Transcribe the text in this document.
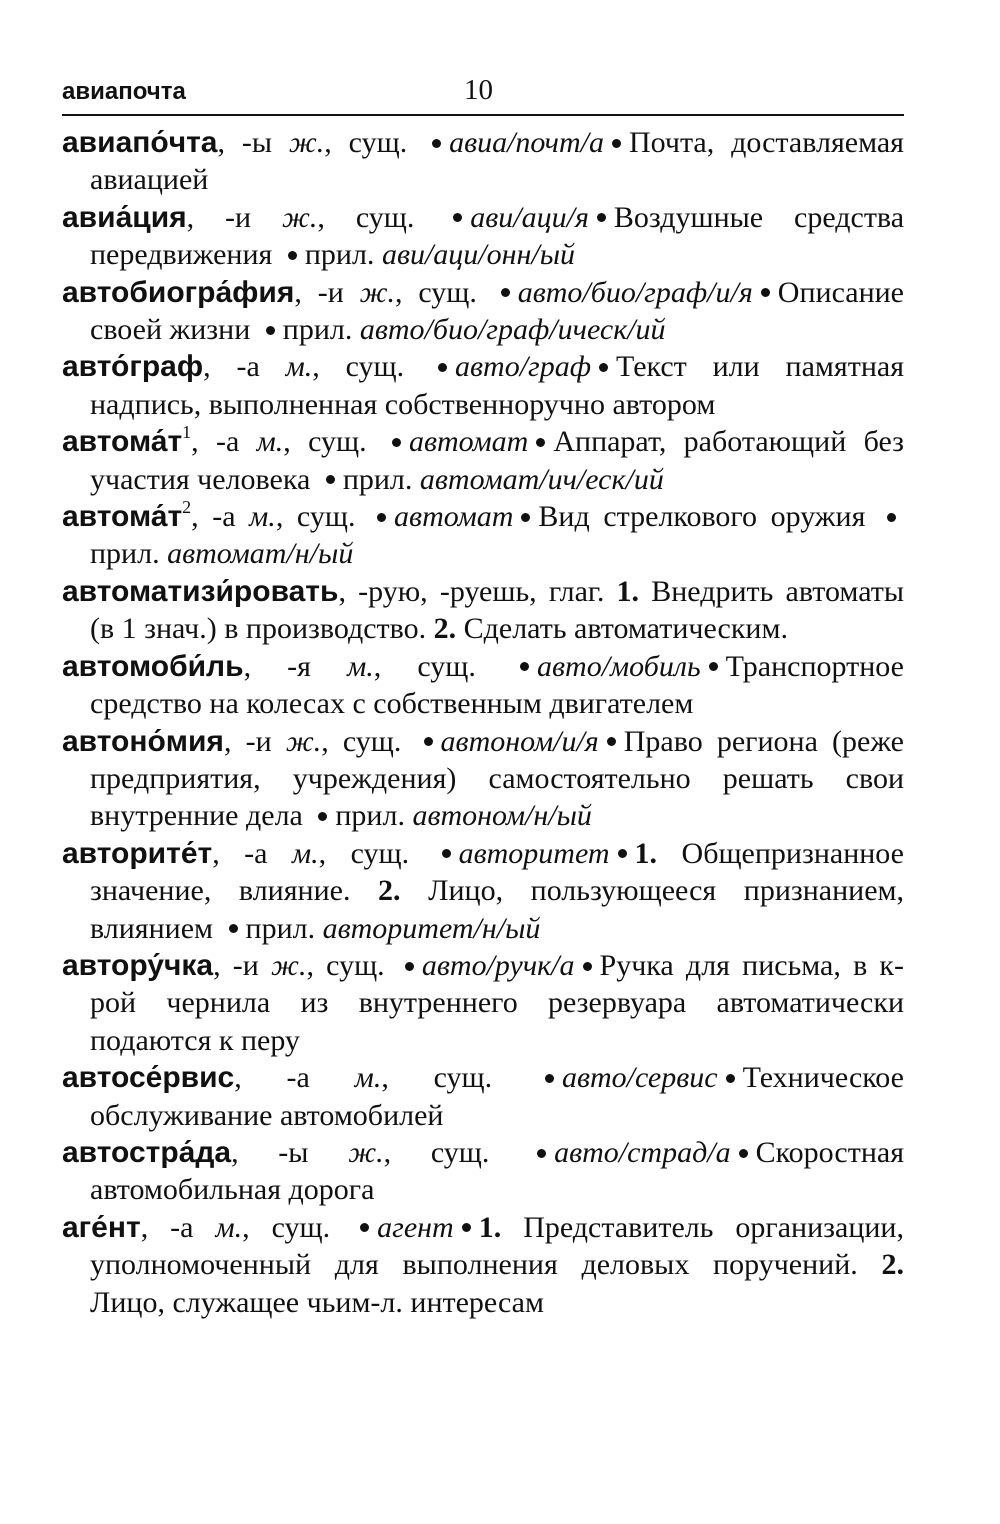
авиапочта	10

авиапо́чта, -ы ж., сущ. авиа/почт/а Почта, доставляемая авиацией

авиа́ция, -и ж., сущ. ави/аци/я Воздушные средства передвижения прил. ави/аци/онн/ый

автобиогра́фия, -и ж., сущ. авто/био/граф/и/я Описание своей жизни прил. авто/био/граф/ическ/ий

авто́граф, -а м., сущ. авто/граф Текст или памятная надпись, выполненная собственноручно автором

$автома́т^1$, -а м., сущ. автомат Аппарат, работающий без участия человека прил. автомат/ич/еск/ий

$автома́т^2$, -а м., сущ. автомат Вид стрелкового оружия прил. автомат/н/ый

автоматизи́ровать, -рую, -руешь, глаг. 1. Внедрить автоматы (в 1 знач.) в производство. 2. Сделать автоматическим.

автомоби́ль, -я м., сущ. авто/мобиль Транспортное средство на колесах с собственным двигателем

автоно́мия, -и ж., сущ. автоном/и/я Право региона (реже предприятия, учреждения) самостоятельно решать свои внутренние дела прил. автоном/н/ый

авторите́т, -а м., сущ. авторитет 1. Общепризнанное значение, влияние. 2. Лицо, пользующееся признанием, влиянием прил. авторитет/н/ый

автору́чка, -и ж., сущ. авто/ручк/а Ручка для письма, в к-рой чернила из внутреннего резервуара автоматически подаются к перу

автосе́рвис, -а м., сущ. авто/сервис Техническое обслуживание автомобилей

автостра́да, -ы ж., сущ. авто/страд/а Скоростная автомобильная дорога

аге́нт, -а м., сущ. агент 1. Представитель организации, уполномоченный для выполнения деловых поручений. 2. Лицо, служащее чьим-л. интересам
